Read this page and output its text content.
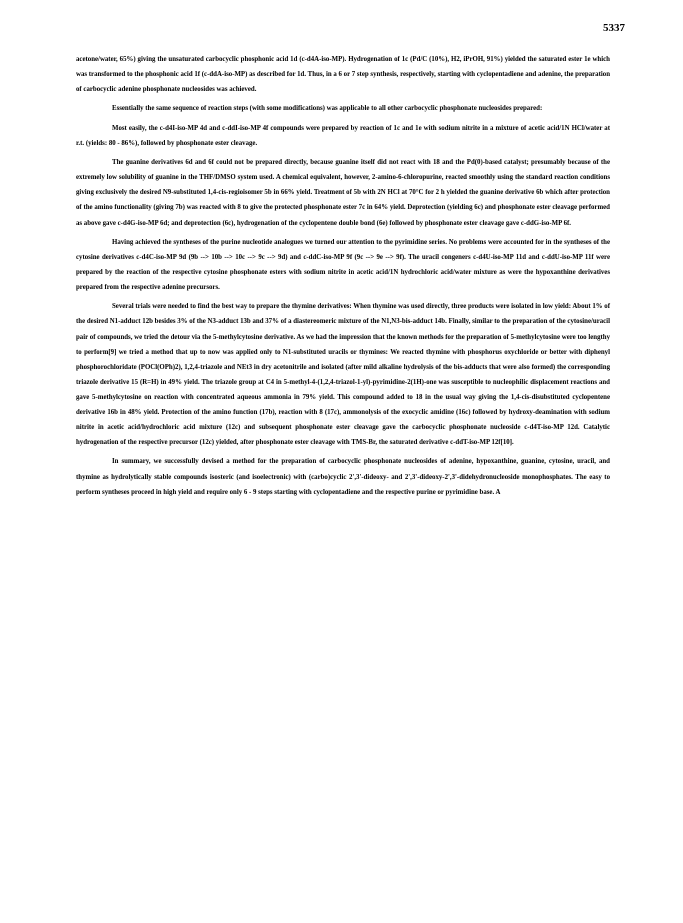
5337

acetone/water, 65%) giving the unsaturated carbocyclic phosphonic acid 1d (c-d4A-iso-MP). Hydrogenation of 1c (Pd/C (10%), H2, iPrOH, 91%) yielded the saturated ester 1e which was transformed to the phosphonic acid 1f (c-ddA-iso-MP) as described for 1d. Thus, in a 6 or 7 step synthesis, respectively, starting with cyclopentadiene and adenine, the preparation of carbocyclic adenine phosphonate nucleosides was achieved.

Essentially the same sequence of reaction steps (with some modifications) was applicable to all other carbocyclic phosphonate nucleosides prepared:

Most easily, the c-d4I-iso-MP 4d and c-ddI-iso-MP 4f compounds were prepared by reaction of 1c and 1e with sodium nitrite in a mixture of acetic acid/1N HCl/water at r.t. (yields: 80 - 86%), followed by phosphonate ester cleavage.

The guanine derivatives 6d and 6f could not be prepared directly, because guanine itself did not react with 18 and the Pd(0)-based catalyst; presumably because of the extremely low solubility of guanine in the THF/DMSO system used. A chemical equivalent, however, 2-amino-6-chloropurine, reacted smoothly using the standard reaction conditions giving exclusively the desired N9-substituted 1,4-cis-regioisomer 5b in 66% yield. Treatment of 5b with 2N HCl at 70°C for 2 h yielded the guanine derivative 6b which after protection of the amino functionality (giving 7b) was reacted with 8 to give the protected phosphonate ester 7c in 64% yield. Deprotection (yielding 6c) and phosphonate ester cleavage performed as above gave c-d4G-iso-MP 6d; and deprotection (6c), hydrogenation of the cyclopentene double bond (6e) followed by phosphonate ester cleavage gave c-ddG-iso-MP 6f.

Having achieved the syntheses of the purine nucleotide analogues we turned our attention to the pyrimidine series. No problems were accounted for in the syntheses of the cytosine derivatives c-d4C-iso-MP 9d (9b --> 10b --> 10c --> 9c --> 9d) and c-ddC-iso-MP 9f (9c --> 9e --> 9f). The uracil congeners c-d4U-iso-MP 11d and c-ddU-iso-MP 11f were prepared by the reaction of the respective cytosine phosphonate esters with sodium nitrite in acetic acid/1N hydrochloric acid/water mixture as were the hypoxanthine derivatives prepared from the respective adenine precursors.

Several trials were needed to find the best way to prepare the thymine derivatives: When thymine was used directly, three products were isolated in low yield: About 1% of the desired N1-adduct 12b besides 3% of the N3-adduct 13b and 37% of a diastereomeric mixture of the N1,N3-bis-adduct 14b. Finally, similar to the preparation of the cytosine/uracil pair of compounds, we tried the detour via the 5-methylcytosine derivative. As we had the impression that the known methods for the preparation of 5-methylcytosine were too lengthy to perform[9] we tried a method that up to now was applied only to N1-substituted uracils or thymines: We reacted thymine with phosphorus oxychloride or better with diphenyl phosphorochloridate (POCl(OPh)2), 1,2,4-triazole and NEt3 in dry acetonitrile and isolated (after mild alkaline hydrolysis of the bis-adducts that were also formed) the corresponding triazole derivative 15 (R=H) in 49% yield. The triazole group at C4 in 5-methyl-4-(1,2,4-triazol-1-yl)-pyrimidine-2(1H)-one was susceptible to nucleophilic displacement reactions and gave 5-methylcytosine on reaction with concentrated aqueous ammonia in 79% yield. This compound added to 18 in the usual way giving the 1,4-cis-disubstituted cyclopentene derivative 16b in 48% yield. Protection of the amino function (17b), reaction with 8 (17c), ammonolysis of the exocyclic amidine (16c) followed by hydroxy-deamination with sodium nitrite in acetic acid/hydrochloric acid mixture (12c) and subsequent phosphonate ester cleavage gave the carbocyclic phosphonate nucleoside c-d4T-iso-MP 12d. Catalytic hydrogenation of the respective precursor (12c) yielded, after phosphonate ester cleavage with TMS-Br, the saturated derivative c-ddT-iso-MP 12f[10].

In summary, we successfully devised a method for the preparation of carbocyclic phosphonate nucleosides of adenine, hypoxanthine, guanine, cytosine, uracil, and thymine as hydrolytically stable compounds isosteric (and isoelectronic) with (carbo)cyclic 2',3'-dideoxy- and 2',3'-dideoxy-2',3'-didehydronucleoside monophosphates. The easy to perform syntheses proceed in high yield and require only 6 - 9 steps starting with cyclopentadiene and the respective purine or pyrimidine base. A
